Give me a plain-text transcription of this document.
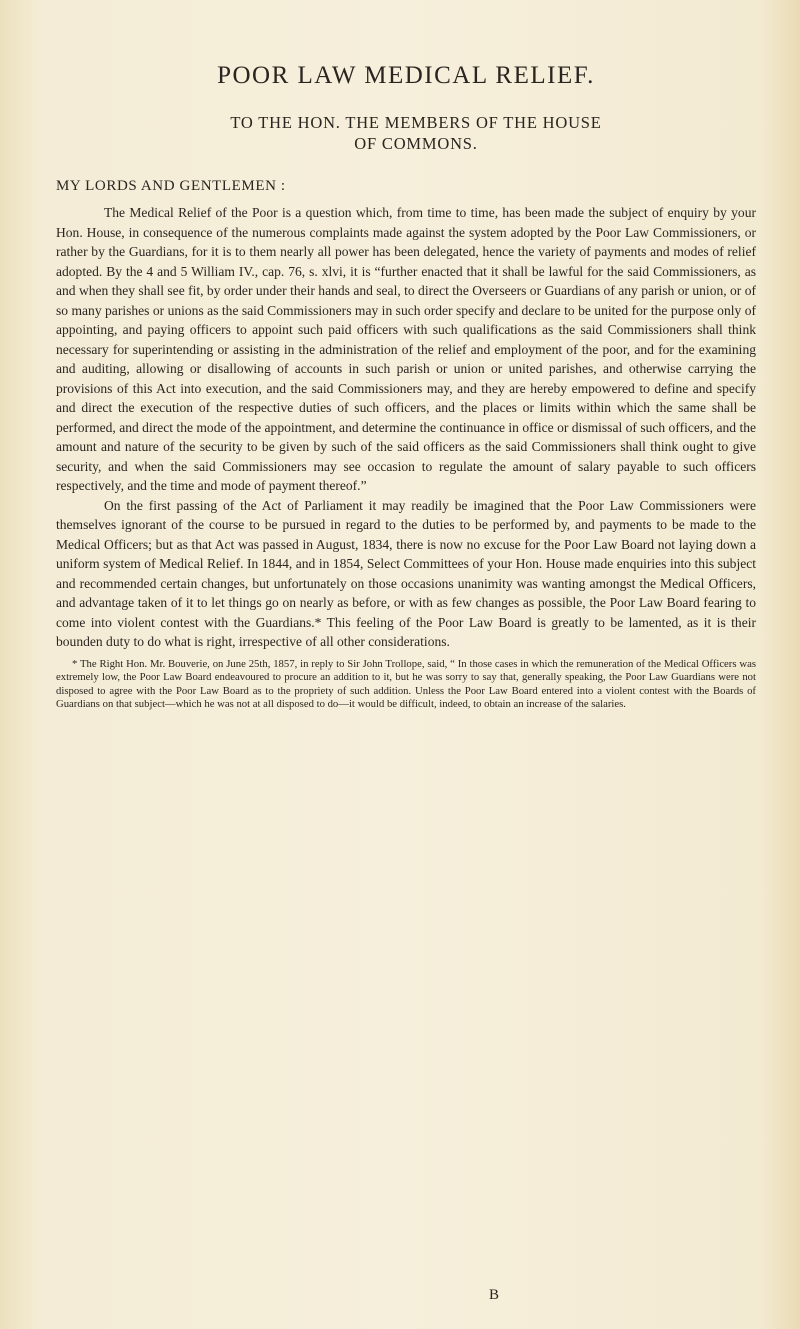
POOR LAW MEDICAL RELIEF.
TO THE HON. THE MEMBERS OF THE HOUSE
OF COMMONS.
MY LORDS AND GENTLEMEN :

The Medical Relief of the Poor is a question which, from time to time, has been made the subject of enquiry by your Hon. House, in consequence of the numerous complaints made against the system adopted by the Poor Law Commissioners, or rather by the Guardians, for it is to them nearly all power has been delegated, hence the variety of payments and modes of relief adopted. By the 4 and 5 William IV., cap. 76, s. xlvi, it is “further enacted that it shall be lawful for the said Commissioners, as and when they shall see fit, by order under their hands and seal, to direct the Overseers or Guardians of any parish or union, or of so many parishes or unions as the said Commissioners may in such order specify and declare to be united for the purpose only of appointing, and paying officers to appoint such paid officers with such qualifications as the said Commissioners shall think necessary for superintending or assisting in the administration of the relief and employment of the poor, and for the examining and auditing, allowing or disallowing of accounts in such parish or union or united parishes, and otherwise carrying the provisions of this Act into execution, and the said Commissioners may, and they are hereby empowered to define and specify and direct the execution of the respective duties of such officers, and the places or limits within which the same shall be performed, and direct the mode of the appointment, and determine the continuance in office or dismissal of such officers, and the amount and nature of the security to be given by such of the said officers as the said Commissioners shall think ought to give security, and when the said Commissioners may see occasion to regulate the amount of salary payable to such officers respectively, and the time and mode of payment thereof.”

On the first passing of the Act of Parliament it may readily be imagined that the Poor Law Commissioners were themselves ignorant of the course to be pursued in regard to the duties to be performed by, and payments to be made to the Medical Officers; but as that Act was passed in August, 1834, there is now no excuse for the Poor Law Board not laying down a uniform system of Medical Relief. In 1844, and in 1854, Select Committees of your Hon. House made enquiries into this subject and recommended certain changes, but unfortunately on those occasions unanimity was wanting amongst the Medical Officers, and advantage taken of it to let things go on nearly as before, or with as few changes as possible, the Poor Law Board fearing to come into violent contest with the Guardians.* This feeling of the Poor Law Board is greatly to be lamented, as it is their bounden duty to do what is right, irrespective of all other considerations.

* The Right Hon. Mr. Bouverie, on June 25th, 1857, in reply to Sir John Trollope, said, “ In those cases in which the remuneration of the Medical Officers was extremely low, the Poor Law Board endeavoured to procure an addition to it, but he was sorry to say that, generally speaking, the Poor Law Guardians were not disposed to agree with the Poor Law Board as to the propriety of such addition. Unless the Poor Law Board entered into a violent contest with the Boards of Guardians on that subject—which he was not at all disposed to do—it would be difficult, indeed, to obtain an increase of the salaries.

B
